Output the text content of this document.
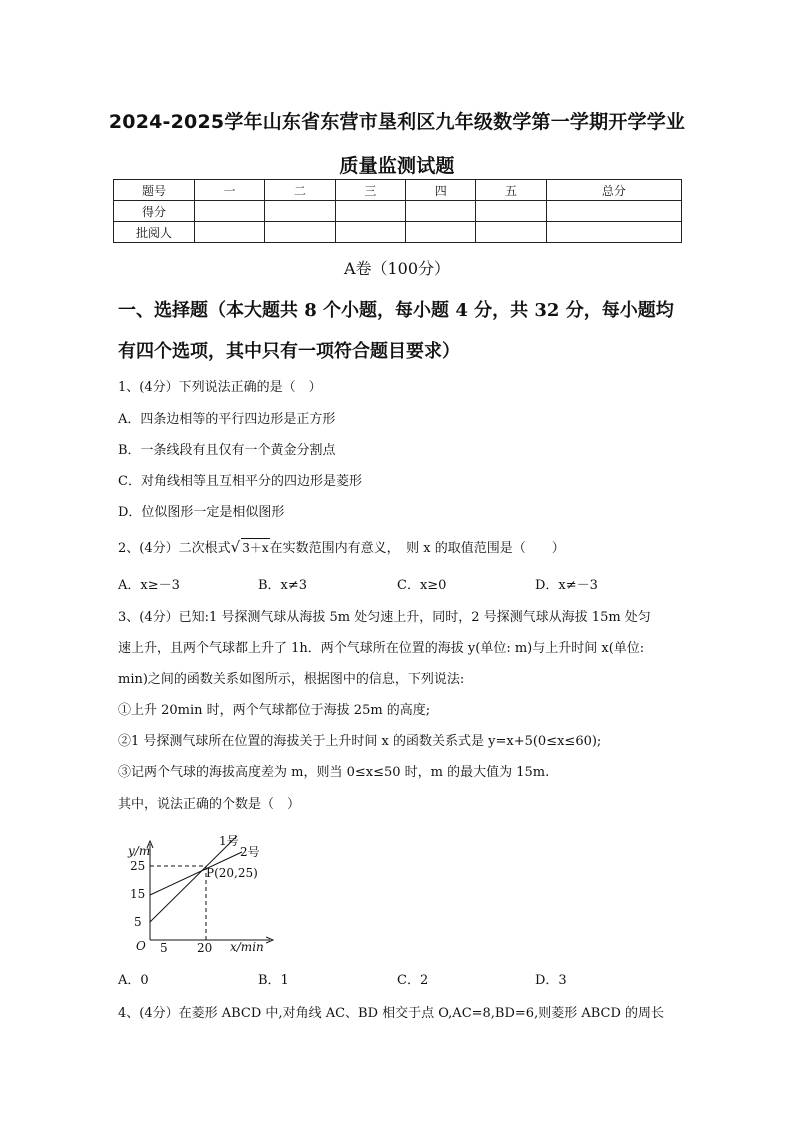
2024-2025学年山东省东营市垦利区九年级数学第一学期开学学业
质量监测试题
题号	一	二	三	四	五	总分
得分						
批阅人						
A卷（100分）
一、选择题（本大题共 8 个小题，每小题 4 分，共 32 分，每小题均
有四个选项，其中只有一项符合题目要求）
1、(4分）下列说法正确的是（　）
A．四条边相等的平行四边形是正方形
B．一条线段有且仅有一个黄金分割点
C．对角线相等且互相平分的四边形是菱形
D．位似图形一定是相似图形
2、(4分）二次根式√ 3＋x在实数范围内有意义，　则 x 的取值范围是（　　）
A．x≥－3	B．x≠3	C．x≥0	D．x≠－3
3、(4分）已知:1 号探测气球从海拔 5m 处匀速上升，同时，2 号探测气球从海拔 15m 处匀
速上升，且两个气球都上升了 1h．两个气球所在位置的海拔 y(单位: m)与上升时间 x(单位:
min)之间的函数关系如图所示，根据图中的信息，下列说法:
①上升 20min 时，两个气球都位于海拔 25m 的高度;
②1 号探测气球所在位置的海拔关于上升时间 x 的函数关系式是 y=x+5(0≤x≤60);
③记两个气球的海拔高度差为 m，则当 0≤x≤50 时，m 的最大值为 15m.
其中，说法正确的个数是（　）
y/m
25
15
5
O 5 20 x/min
1号
2号
P(20,25)
A．0	B．1	C．2	D．3
4、(4分）在菱形 ABCD 中,对角线 AC、BD 相交于点 O,AC=8,BD=6,则菱形 ABCD 的周长
